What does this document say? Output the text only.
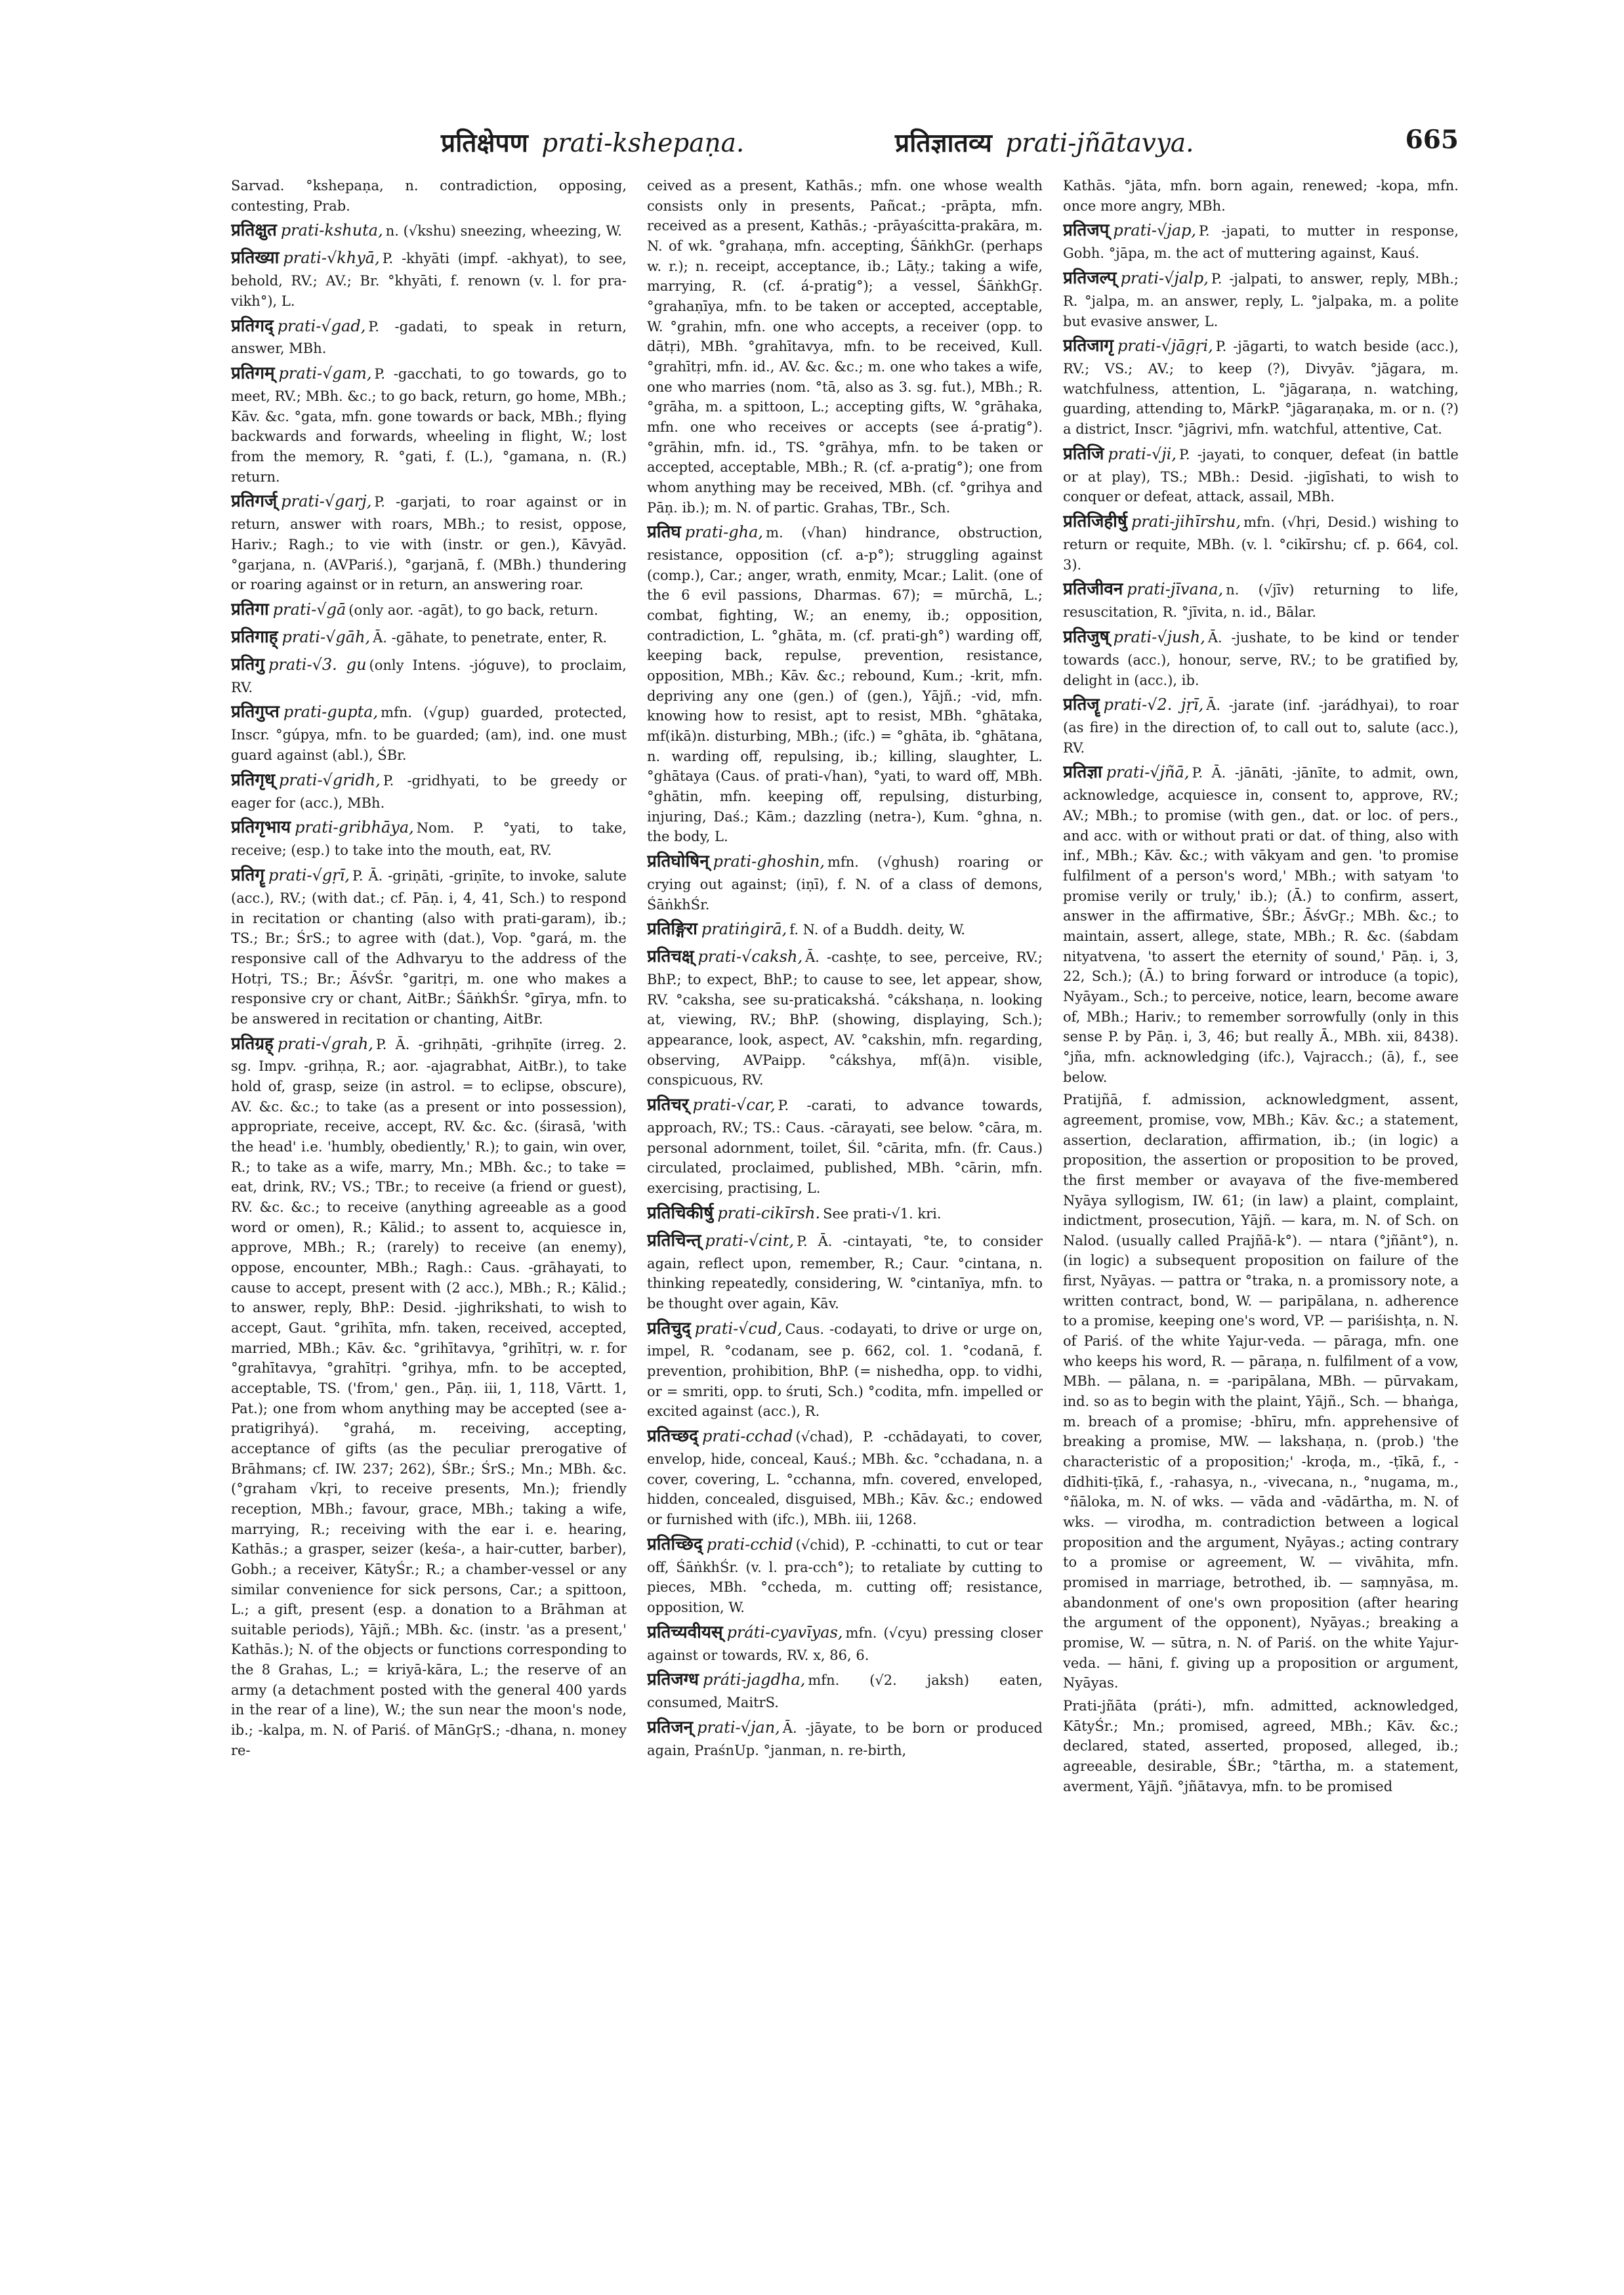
प्रतिक्षेपण prati-kshepaṇa.	प्रतिज्ञातव्य prati-jñātavya.	665

Sarvad. °kshepaṇa, n. contradiction, opposing, contesting, Prab.

प्रतिक्षुत prati-kshuta, n. (√kshu) sneezing, wheezing, W.

प्रतिख्या prati-√khyā, P. -khyāti (impf. -akhyat), to see, behold, RV.; AV.; Br. °khyāti, f. renown (v. l. for pra-vikh°), L.

प्रतिगद् prati-√gad, P. -gadati, to speak in return, answer, MBh.

प्रतिगम् prati-√gam, P. -gacchati, to go towards, go to meet, RV.; MBh. &c.; to go back, return, go home, MBh.; Kāv. &c. °gata, mfn. gone towards or back, MBh.; flying backwards and forwards, wheeling in flight, W.; lost from the memory, R. °gati, f. (L.), °gamana, n. (R.) return.

प्रतिगर्ज् prati-√garj, P. -garjati, to roar against or in return, answer with roars, MBh.; to resist, oppose, Hariv.; Ragh.; to vie with (instr. or gen.), Kāvyād. °garjana, n. (AVPariś.), °garjanā, f. (MBh.) thundering or roaring against or in return, an answering roar.

प्रतिगा prati-√gā (only aor. -agāt), to go back, return.

प्रतिगाह् prati-√gāh, Ā. -gāhate, to penetrate, enter, R.

प्रतिगु prati-√3. gu (only Intens. -jóguve), to proclaim, RV.

प्रतिगुप्त prati-gupta, mfn. (√gup) guarded, protected, Inscr. °gúpya, mfn. to be guarded; (am), ind. one must guard against (abl.), ŚBr.

प्रतिगृध् prati-√gridh, P. -gridhyati, to be greedy or eager for (acc.), MBh.

प्रतिगृभाय prati-gribhāya, Nom. P. °yati, to take, receive; (esp.) to take into the mouth, eat, RV.

प्रतिगॄ prati-√gṛī, P. Ā. -griṇāti, -griṇīte, to invoke, salute (acc.), RV.; (with dat.; cf. Pāṇ. i, 4, 41, Sch.) to respond in recitation or chanting (also with prati-garam), ib.; TS.; Br.; ŚrS.; to agree with (dat.), Vop. °gará, m. the responsive call of the Adhvaryu to the address of the Hotṛi, TS.; Br.; ĀśvŚr. °garitṛi, m. one who makes a responsive cry or chant, AitBr.; ŚāṅkhŚr. °gīrya, mfn. to be answered in recitation or chanting, AitBr.

प्रतिग्रह् prati-√grah, P. Ā. -grihṇāti, -grihṇīte (irreg. 2. sg. Impv. -grihṇa, R.; aor. -ajagrabhat, AitBr.), to take hold of, grasp, seize (in astrol. = to eclipse, obscure), AV. &c. &c.; to take (as a present or into possession), appropriate, receive, accept, RV. &c. &c. (śirasā, 'with the head' i.e. 'humbly, obediently,' R.); to gain, win over, R.; to take as a wife, marry, Mn.; MBh. &c.; to take = eat, drink, RV.; VS.; TBr.; to receive (a friend or guest), RV. &c. &c.; to receive (anything agreeable as a good word or omen), R.; Kālid.; to assent to, acquiesce in, approve, MBh.; R.; (rarely) to receive (an enemy), oppose, encounter, MBh.; Ragh.: Caus. -grāhayati, to cause to accept, present with (2 acc.), MBh.; R.; Kālid.; to answer, reply, BhP.: Desid. -jighrikshati, to wish to accept, Gaut. °grihīta, mfn. taken, received, accepted, married, MBh.; Kāv. &c. °grihītavya, °grihītṛi, w. r. for °grahītavya, °grahītṛi. °grihya, mfn. to be accepted, acceptable, TS. ('from,' gen., Pāṇ. iii, 1, 118, Vārtt. 1, Pat.); one from whom anything may be accepted (see a-pratigrihyá). °grahá, m. receiving, accepting, acceptance of gifts (as the peculiar prerogative of Brāhmans; cf. IW. 237; 262), ŚBr.; ŚrS.; Mn.; MBh. &c. (°graham √kṛi, to receive presents, Mn.); friendly reception, MBh.; favour, grace, MBh.; taking a wife, marrying, R.; receiving with the ear i. e. hearing, Kathās.; a grasper, seizer (keśa-, a hair-cutter, barber), Gobh.; a receiver, KātyŚr.; R.; a chamber-vessel or any similar convenience for sick persons, Car.; a spittoon, L.; a gift, present (esp. a donation to a Brāhman at suitable periods), Yājñ.; MBh. &c. (instr. 'as a present,' Kathās.); N. of the objects or functions corresponding to the 8 Grahas, L.; = kriyā-kāra, L.; the reserve of an army (a detachment posted with the general 400 yards in the rear of a line), W.; the sun near the moon's node, ib.; -kalpa, m. N. of Pariś. of MānGṛS.; -dhana, n. money re-

ceived as a present, Kathās.; mfn. one whose wealth consists only in presents, Pañcat.; -prāpta, mfn. received as a present, Kathās.; -prāyaścitta-prakāra, m. N. of wk. °grahaṇa, mfn. accepting, ŚāṅkhGr. (perhaps w. r.); n. receipt, acceptance, ib.; Lāṭy.; taking a wife, marrying, R. (cf. á-pratig°); a vessel, ŚāṅkhGṛ. °grahaṇīya, mfn. to be taken or accepted, acceptable, W. °grahin, mfn. one who accepts, a receiver (opp. to dātṛi), MBh. °grahītavya, mfn. to be received, Kull. °grahītṛi, mfn. id., AV. &c. &c.; m. one who takes a wife, one who marries (nom. °tā, also as 3. sg. fut.), MBh.; R. °grāha, m. a spittoon, L.; accepting gifts, W. °grāhaka, mfn. one who receives or accepts (see á-pratig°). °grāhin, mfn. id., TS. °grāhya, mfn. to be taken or accepted, acceptable, MBh.; R. (cf. a-pratig°); one from whom anything may be received, MBh. (cf. °grihya and Pāṇ. ib.); m. N. of partic. Grahas, TBr., Sch.

प्रतिघ prati-gha, m. (√han) hindrance, obstruction, resistance, opposition (cf. a-p°); struggling against (comp.), Car.; anger, wrath, enmity, Mcar.; Lalit. (one of the 6 evil passions, Dharmas. 67); = mūrchā, L.; combat, fighting, W.; an enemy, ib.; opposition, contradiction, L. °ghāta, m. (cf. prati-gh°) warding off, keeping back, repulse, prevention, resistance, opposition, MBh.; Kāv. &c.; rebound, Kum.; -krit, mfn. depriving any one (gen.) of (gen.), Yājñ.; -vid, mfn. knowing how to resist, apt to resist, MBh. °ghātaka, mf(ikā)n. disturbing, MBh.; (ifc.) = °ghāta, ib. °ghātana, n. warding off, repulsing, ib.; killing, slaughter, L. °ghātaya (Caus. of prati-√han), °yati, to ward off, MBh. °ghātin, mfn. keeping off, repulsing, disturbing, injuring, Daś.; Kām.; dazzling (netra-), Kum. °ghna, n. the body, L.

प्रतिघोषिन् prati-ghoshin, mfn. (√ghush) roaring or crying out against; (iṇī), f. N. of a class of demons, ŚāṅkhŚr.

प्रतिङ्गिरा pratiṅgirā, f. N. of a Buddh. deity, W.

प्रतिचक्ष् prati-√caksh, Ā. -cashṭe, to see, perceive, RV.; BhP.; to expect, BhP.; to cause to see, let appear, show, RV. °caksha, see su-praticakshá. °cákshaṇa, n. looking at, viewing, RV.; BhP. (showing, displaying, Sch.); appearance, look, aspect, AV. °cakshin, mfn. regarding, observing, AVPaipp. °cákshya, mf(ā)n. visible, conspicuous, RV.

प्रतिचर् prati-√car, P. -carati, to advance towards, approach, RV.; TS.: Caus. -cārayati, see below. °cāra, m. personal adornment, toilet, Śil. °cārita, mfn. (fr. Caus.) circulated, proclaimed, published, MBh. °cārin, mfn. exercising, practising, L.

प्रतिचिकीर्षु prati-cikīrsh. See prati-√1. kri.

प्रतिचिन्त् prati-√cint, P. Ā. -cintayati, °te, to consider again, reflect upon, remember, R.; Caur. °cintana, n. thinking repeatedly, considering, W. °cintanīya, mfn. to be thought over again, Kāv.

प्रतिचुद् prati-√cud, Caus. -codayati, to drive or urge on, impel, R. °codanam, see p. 662, col. 1. °codanā, f. prevention, prohibition, BhP. (= nishedha, opp. to vidhi, or = smriti, opp. to śruti, Sch.) °codita, mfn. impelled or excited against (acc.), R.

प्रतिच्छद् prati-cchad (√chad), P. -cchādayati, to cover, envelop, hide, conceal, Kauś.; MBh. &c. °cchadana, n. a cover, covering, L. °cchanna, mfn. covered, enveloped, hidden, concealed, disguised, MBh.; Kāv. &c.; endowed or furnished with (ifc.), MBh. iii, 1268.

प्रतिच्छिद् prati-cchid (√chid), P. -cchinatti, to cut or tear off, ŚāṅkhŚr. (v. l. pra-cch°); to retaliate by cutting to pieces, MBh. °ccheda, m. cutting off; resistance, opposition, W.

प्रतिच्यवीयस् práti-cyavīyas, mfn. (√cyu) pressing closer against or towards, RV. x, 86, 6.

प्रतिजग्ध práti-jagdha, mfn. (√2. jaksh) eaten, consumed, MaitrS.

प्रतिजन् prati-√jan, Ā. -jāyate, to be born or produced again, PraśnUp. °janman, n. re-birth,

Kathās. °jāta, mfn. born again, renewed; -kopa, mfn. once more angry, MBh.

प्रतिजप् prati-√jap, P. -japati, to mutter in response, Gobh. °jāpa, m. the act of muttering against, Kauś.

प्रतिजल्प् prati-√jalp, P. -jalpati, to answer, reply, MBh.; R. °jalpa, m. an answer, reply, L. °jalpaka, m. a polite but evasive answer, L.

प्रतिजागृ prati-√jāgṛi, P. -jāgarti, to watch beside (acc.), RV.; VS.; AV.; to keep (?), Divyāv. °jāgara, m. watchfulness, attention, L. °jāgaraṇa, n. watching, guarding, attending to, MārkP. °jāgaraṇaka, m. or n. (?) a district, Inscr. °jāgrivi, mfn. watchful, attentive, Cat.

प्रतिजि prati-√ji, P. -jayati, to conquer, defeat (in battle or at play), TS.; MBh.: Desid. -jigīshati, to wish to conquer or defeat, attack, assail, MBh.

प्रतिजिहीर्षु prati-jihīrshu, mfn. (√hṛi, Desid.) wishing to return or requite, MBh. (v. l. °cikīrshu; cf. p. 664, col. 3).

प्रतिजीवन prati-jīvana, n. (√jīv) returning to life, resuscitation, R. °jīvita, n. id., Bālar.

प्रतिजुष् prati-√jush, Ā. -jushate, to be kind or tender towards (acc.), honour, serve, RV.; to be gratified by, delight in (acc.), ib.

प्रतिजॄ prati-√2. jṛī, Ā. -jarate (inf. -jarádhyai), to roar (as fire) in the direction of, to call out to, salute (acc.), RV.

प्रतिज्ञा prati-√jñā, P. Ā. -jānāti, -jānīte, to admit, own, acknowledge, acquiesce in, consent to, approve, RV.; AV.; MBh.; to promise (with gen., dat. or loc. of pers., and acc. with or without prati or dat. of thing, also with inf., MBh.; Kāv. &c.; with vākyam and gen. 'to promise fulfilment of a person's word,' MBh.; with satyam 'to promise verily or truly,' ib.); (Ā.) to confirm, assert, answer in the affirmative, ŚBr.; ĀśvGṛ.; MBh. &c.; to maintain, assert, allege, state, MBh.; R. &c. (śabdam nityatvena, 'to assert the eternity of sound,' Pāṇ. i, 3, 22, Sch.); (Ā.) to bring forward or introduce (a topic), Nyāyam., Sch.; to perceive, notice, learn, become aware of, MBh.; Hariv.; to remember sorrowfully (only in this sense P. by Pāṇ. i, 3, 46; but really Ā., MBh. xii, 8438). °jña, mfn. acknowledging (ifc.), Vajracch.; (ā), f., see below.

Pratijñā, f. admission, acknowledgment, assent, agreement, promise, vow, MBh.; Kāv. &c.; a statement, assertion, declaration, affirmation, ib.; (in logic) a proposition, the assertion or proposition to be proved, the first member or avayava of the five-membered Nyāya syllogism, IW. 61; (in law) a plaint, complaint, indictment, prosecution, Yājñ. — kara, m. N. of Sch. on Nalod. (usually called Prajñā-k°). — ntara (°jñānt°), n. (in logic) a subsequent proposition on failure of the first, Nyāyas. — pattra or °traka, n. a promissory note, a written contract, bond, W. — paripālana, n. adherence to a promise, keeping one's word, VP. — pariśishṭa, n. N. of Pariś. of the white Yajur-veda. — pāraga, mfn. one who keeps his word, R. — pāraṇa, n. fulfilment of a vow, MBh. — pālana, n. = -paripālana, MBh. — pūrvakam, ind. so as to begin with the plaint, Yājñ., Sch. — bhaṅga, m. breach of a promise; -bhīru, mfn. apprehensive of breaking a promise, MW. — lakshaṇa, n. (prob.) 'the characteristic of a proposition;' -kroḍa, m., -ṭīkā, f., -dīdhiti-ṭīkā, f., -rahasya, n., -vivecana, n., °nugama, m., °ñāloka, m. N. of wks. — vāda and -vādārtha, m. N. of wks. — virodha, m. contradiction between a logical proposition and the argument, Nyāyas.; acting contrary to a promise or agreement, W. — vivāhita, mfn. promised in marriage, betrothed, ib. — saṃnyāsa, m. abandonment of one's own proposition (after hearing the argument of the opponent), Nyāyas.; breaking a promise, W. — sūtra, n. N. of Pariś. on the white Yajur-veda. — hāni, f. giving up a proposition or argument, Nyāyas.

Prati-jñāta (práti-), mfn. admitted, acknowledged, KātyŚr.; Mn.; promised, agreed, MBh.; Kāv. &c.; declared, stated, asserted, proposed, alleged, ib.; agreeable, desirable, ŚBr.; °tārtha, m. a statement, averment, Yājñ. °jñātavya, mfn. to be promised
